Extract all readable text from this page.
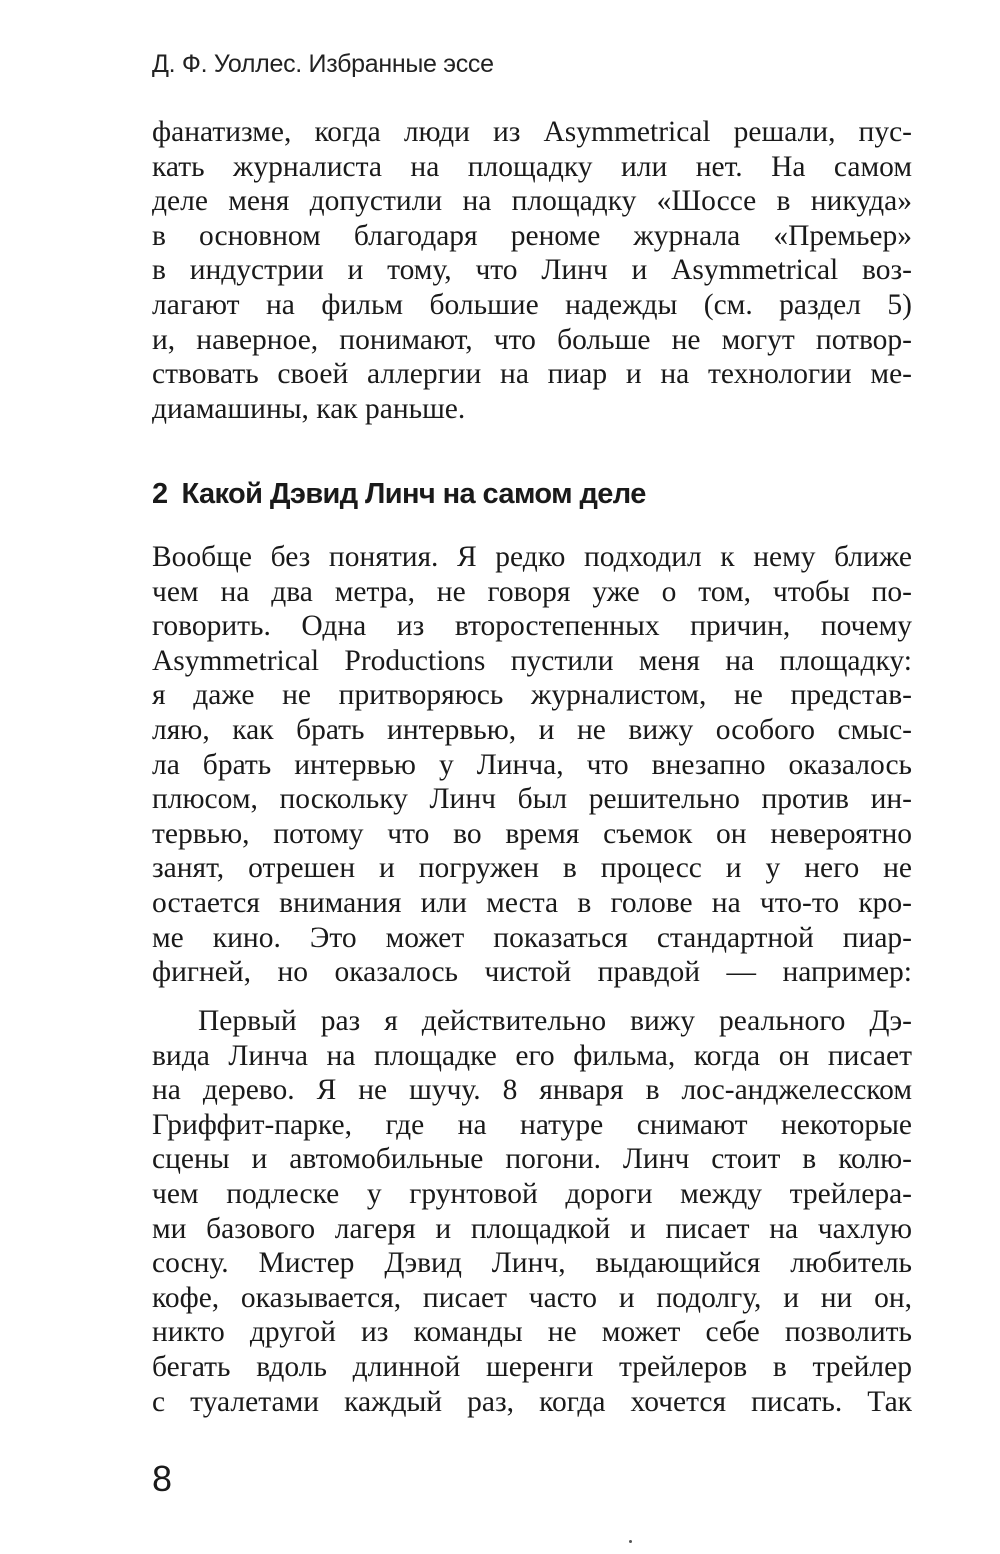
Д. Ф. Уоллес. Избранные эссе
фанатизме, когда люди из Asymmetrical решали, пус-
кать журналиста на площадку или нет. На самом
деле меня допустили на площадку «Шоссе в никуда»
в основном благодаря реноме журнала «Премьер»
в индустрии и тому, что Линч и Asymmetrical воз-
лагают на фильм большие надежды (см. раздел 5)
и, наверное, понимают, что больше не могут потвор-
ствовать своей аллергии на пиар и на технологии ме-
диамашины, как раньше.
2 Какой Дэвид Линч на самом деле
Вообще без понятия. Я редко подходил к нему ближе
чем на два метра, не говоря уже о том, чтобы по-
говорить. Одна из второстепенных причин, почему
Asymmetrical Productions пустили меня на площадку:
я даже не притворяюсь журналистом, не представ-
ляю, как брать интервью, и не вижу особого смыс-
ла брать интервью у Линча, что внезапно оказалось
плюсом, поскольку Линч был решительно против ин-
тервью, потому что во время съемок он невероятно
занят, отрешен и погружен в процесс и у него не
остается внимания или места в голове на что-то кро-
ме кино. Это может показаться стандартной пиар-
фигней, но оказалось чистой правдой — например:
Первый раз я действительно вижу реального Дэ-
вида Линча на площадке его фильма, когда он писает
на дерево. Я не шучу. 8 января в лос-анджелесском
Гриффит-парке, где на натуре снимают некоторые
сцены и автомобильные погони. Линч стоит в колю-
чем подлеске у грунтовой дороги между трейлера-
ми базового лагеря и площадкой и писает на чахлую
сосну. Мистер Дэвид Линч, выдающийся любитель
кофе, оказывается, писает часто и подолгу, и ни он,
никто другой из команды не может себе позволить
бегать вдоль длинной шеренги трейлеров в трейлер
с туалетами каждый раз, когда хочется писать. Так
8
